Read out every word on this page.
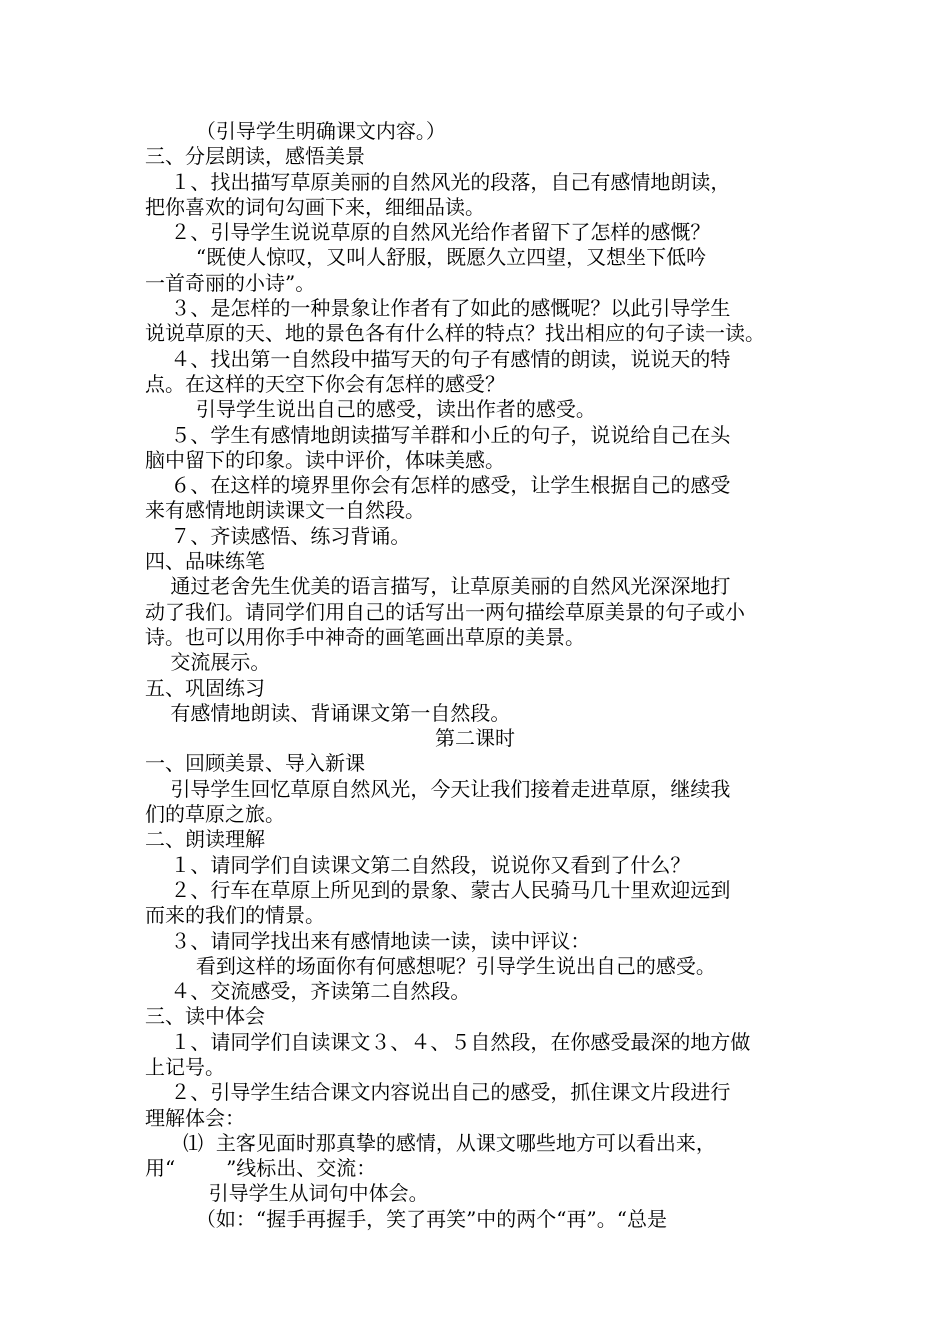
（引导学生明确课文内容。）
三、分层朗读，感悟美景
１、找出描写草原美丽的自然风光的段落，自己有感情地朗读，
把你喜欢的词句勾画下来，细细品读。
２、引导学生说说草原的自然风光给作者留下了怎样的感慨？
“既使人惊叹，又叫人舒服，既愿久立四望，又想坐下低吟
一首奇丽的小诗”。
３、是怎样的一种景象让作者有了如此的感慨呢？以此引导学生
说说草原的天、地的景色各有什么样的特点？找出相应的句子读一读。
４、找出第一自然段中描写天的句子有感情的朗读，说说天的特
点。在这样的天空下你会有怎样的感受？
引导学生说出自己的感受，读出作者的感受。
５、学生有感情地朗读描写羊群和小丘的句子，说说给自己在头
脑中留下的印象。读中评价，体味美感。
６、在这样的境界里你会有怎样的感受，让学生根据自己的感受
来有感情地朗读课文一自然段。
７、齐读感悟、练习背诵。
四、品味练笔
通过老舍先生优美的语言描写，让草原美丽的自然风光深深地打
动了我们。请同学们用自己的话写出一两句描绘草原美景的句子或小
诗。也可以用你手中神奇的画笔画出草原的美景。
交流展示。
五、巩固练习
有感情地朗读、背诵课文第一自然段。
第二课时
一、回顾美景、导入新课
引导学生回忆草原自然风光，今天让我们接着走进草原，继续我
们的草原之旅。
二、朗读理解
１、请同学们自读课文第二自然段，说说你又看到了什么？
２、行车在草原上所见到的景象、蒙古人民骑马几十里欢迎远到
而来的我们的情景。
３、请同学找出来有感情地读一读，读中评议：
看到这样的场面你有何感想呢？引导学生说出自己的感受。
４、交流感受，齐读第二自然段。
三、读中体会
１、请同学们自读课文３、４、５自然段，在你感受最深的地方做
上记号。
２、引导学生结合课文内容说出自己的感受，抓住课文片段进行
理解体会：
⑴  主客见面时那真挚的感情，从课文哪些地方可以看出来，
用“        ”线标出、交流：
引导学生从词句中体会。
（如：“握手再握手，笑了再笑”中的两个“再”。“总是
